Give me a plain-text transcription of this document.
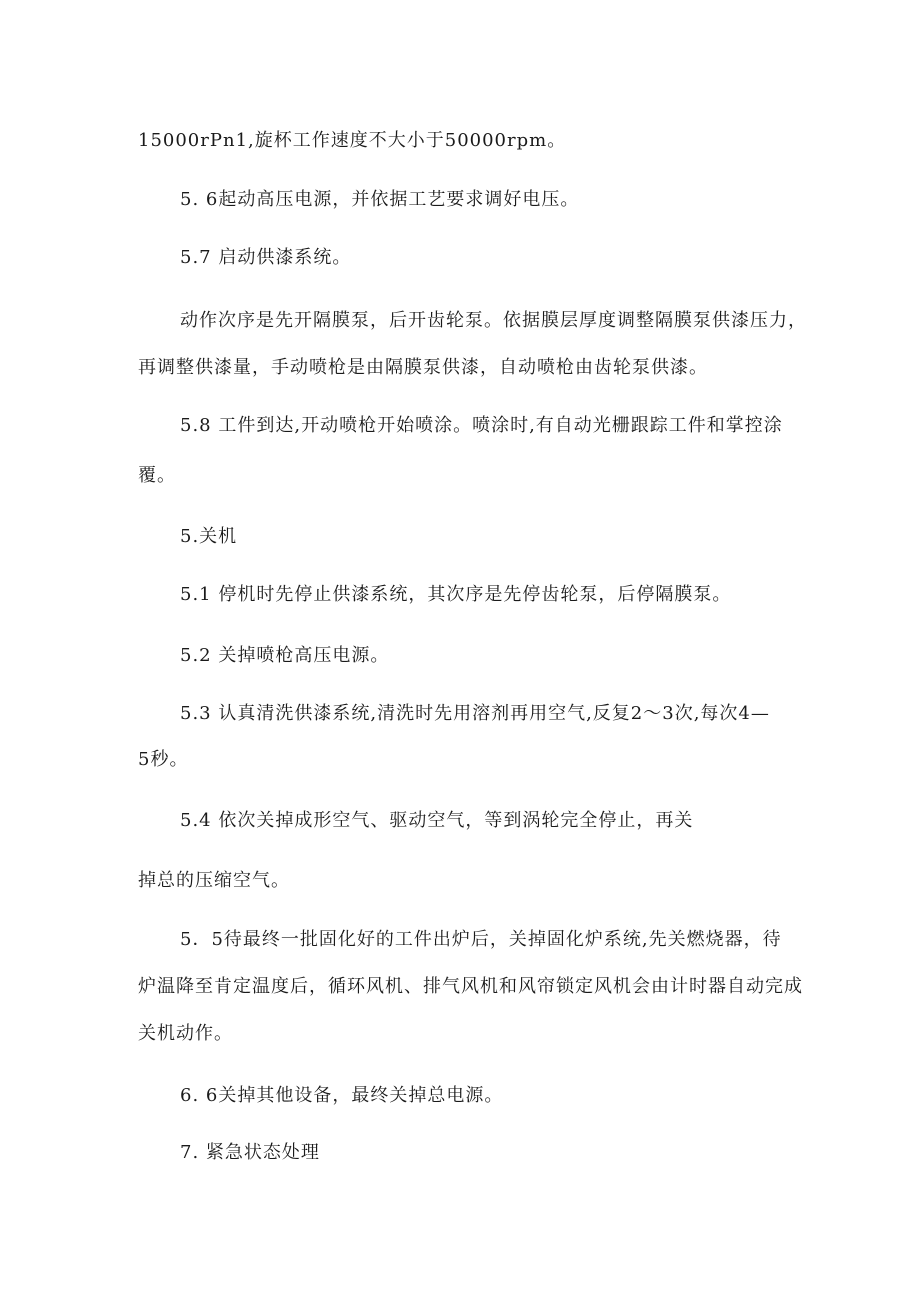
15000rPn1,旋杯工作速度不大小于50000rpm。
5. 6起动高压电源，并依据工艺要求调好电压。
5.7 启动供漆系统。
动作次序是先开隔膜泵，后开齿轮泵。依据膜层厚度调整隔膜泵供漆压力，
再调整供漆量，手动喷枪是由隔膜泵供漆，自动喷枪由齿轮泵供漆。
5.8 工件到达,开动喷枪开始喷涂。喷涂时,有自动光栅跟踪工件和掌控涂
覆。
5.关机
5.1 停机时先停止供漆系统，其次序是先停齿轮泵，后停隔膜泵。
5.2 关掉喷枪高压电源。
5.3 认真清洗供漆系统,清洗时先用溶剂再用空气,反复2～3次,每次4—
5秒。
5.4 依次关掉成形空气、驱动空气，等到涡轮完全停止，再关
掉总的压缩空气。
5．5待最终一批固化好的工件出炉后，关掉固化炉系统,先关燃烧器，待
炉温降至肯定温度后，循环风机、排气风机和风帘锁定风机会由计时器自动完成
关机动作。
6. 6关掉其他设备，最终关掉总电源。
7. 紧急状态处理
